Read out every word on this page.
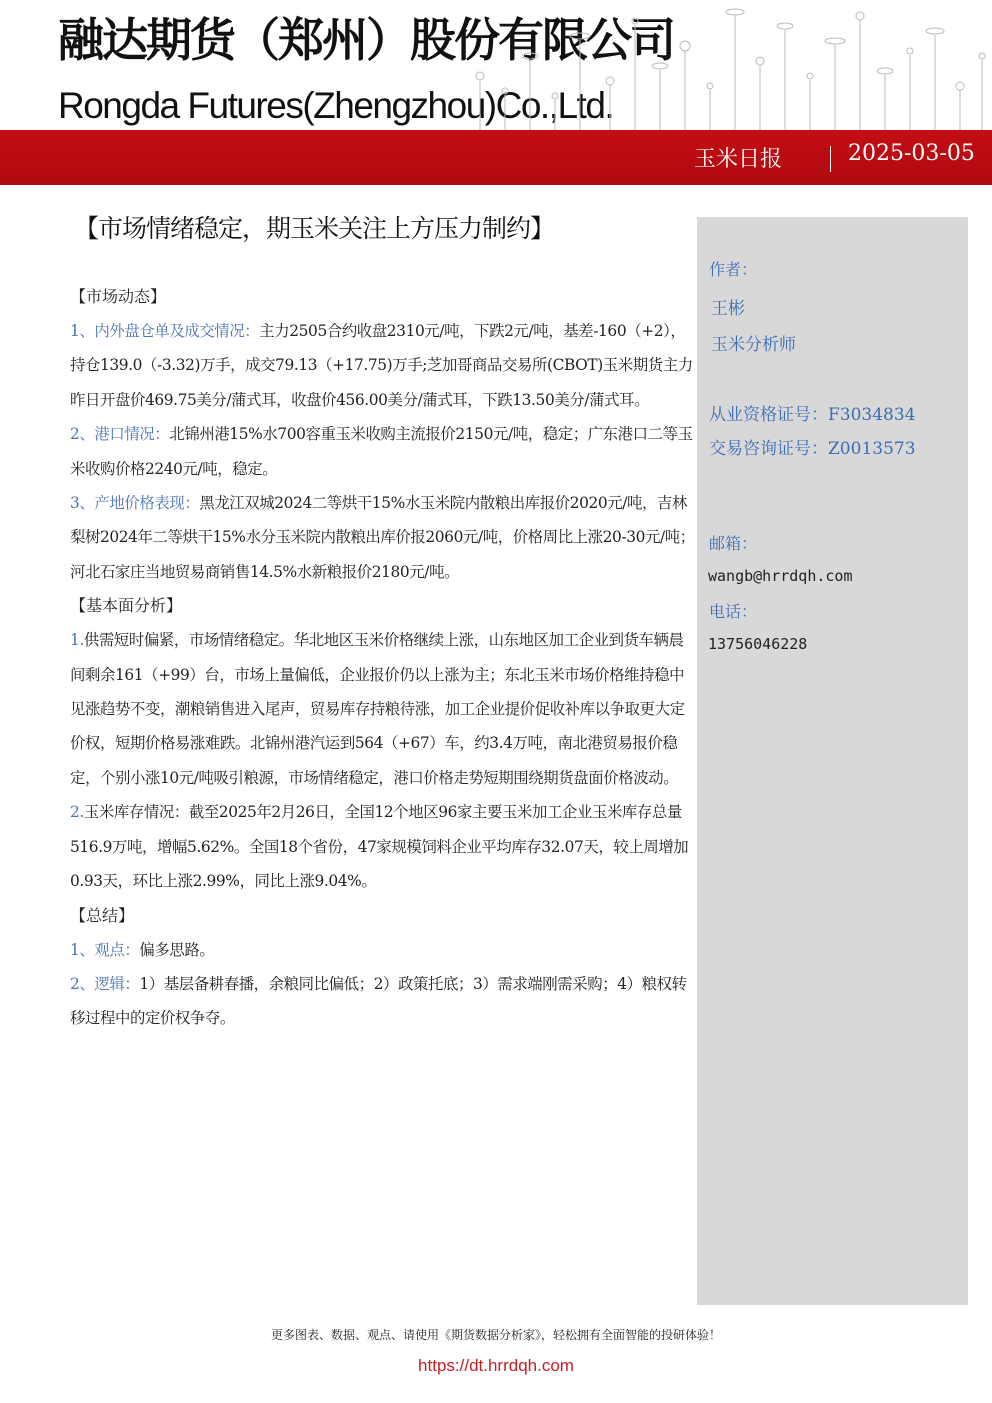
融达期货（郑州）股份有限公司
Rongda Futures(Zhengzhou)Co.,Ltd.
玉米日报	2025-03-05
【市场情绪稳定，期玉米关注上方压力制约】

【市场动态】

1、内外盘仓单及成交情况：主力2505合约收盘2310元/吨，下跌2元/吨，基差-160（+2），持仓139.0（-3.32)万手，成交79.13（+17.75)万手;芝加哥商品交易所(CBOT)玉米期货主力昨日开盘价469.75美分/蒲式耳，收盘价456.00美分/蒲式耳，下跌13.50美分/蒲式耳。

2、港口情况：北锦州港15%水700容重玉米收购主流报价2150元/吨，稳定；广东港口二等玉米收购价格2240元/吨，稳定。

3、产地价格表现：黑龙江双城2024二等烘干15%水玉米院内散粮出库报价2020元/吨，吉林梨树2024年二等烘干15%水分玉米院内散粮出库价报2060元/吨，价格周比上涨20-30元/吨；河北石家庄当地贸易商销售14.5%水新粮报价2180元/吨。

【基本面分析】

1.供需短时偏紧，市场情绪稳定。华北地区玉米价格继续上涨，山东地区加工企业到货车辆晨间剩余161（+99）台，市场上量偏低，企业报价仍以上涨为主；东北玉米市场价格维持稳中见涨趋势不变，潮粮销售进入尾声，贸易库存持粮待涨，加工企业提价促收补库以争取更大定价权，短期价格易涨难跌。北锦州港汽运到564（+67）车，约3.4万吨，南北港贸易报价稳定，个别小涨10元/吨吸引粮源，市场情绪稳定，港口价格走势短期围绕期货盘面价格波动。

2.玉米库存情况：截至2025年2月26日，全国12个地区96家主要玉米加工企业玉米库存总量516.9万吨，增幅5.62%。全国18个省份，47家规模饲料企业平均库存32.07天，较上周增加0.93天，环比上涨2.99%，同比上涨9.04%。

【总结】

1、观点：偏多思路。

2、逻辑：1）基层备耕春播，余粮同比偏低；2）政策托底；3）需求端刚需采购；4）粮权转移过程中的定价权争夺。

作者：
王彬
玉米分析师
从业资格证号：F3034834
交易咨询证号：Z0013573
邮箱：
wangb@hrrdqh.com
电话：
13756046228
更多图表、数据、观点、请使用《期货数据分析家》，轻松拥有全面智能的投研体验！
https://dt.hrrdqh.com
